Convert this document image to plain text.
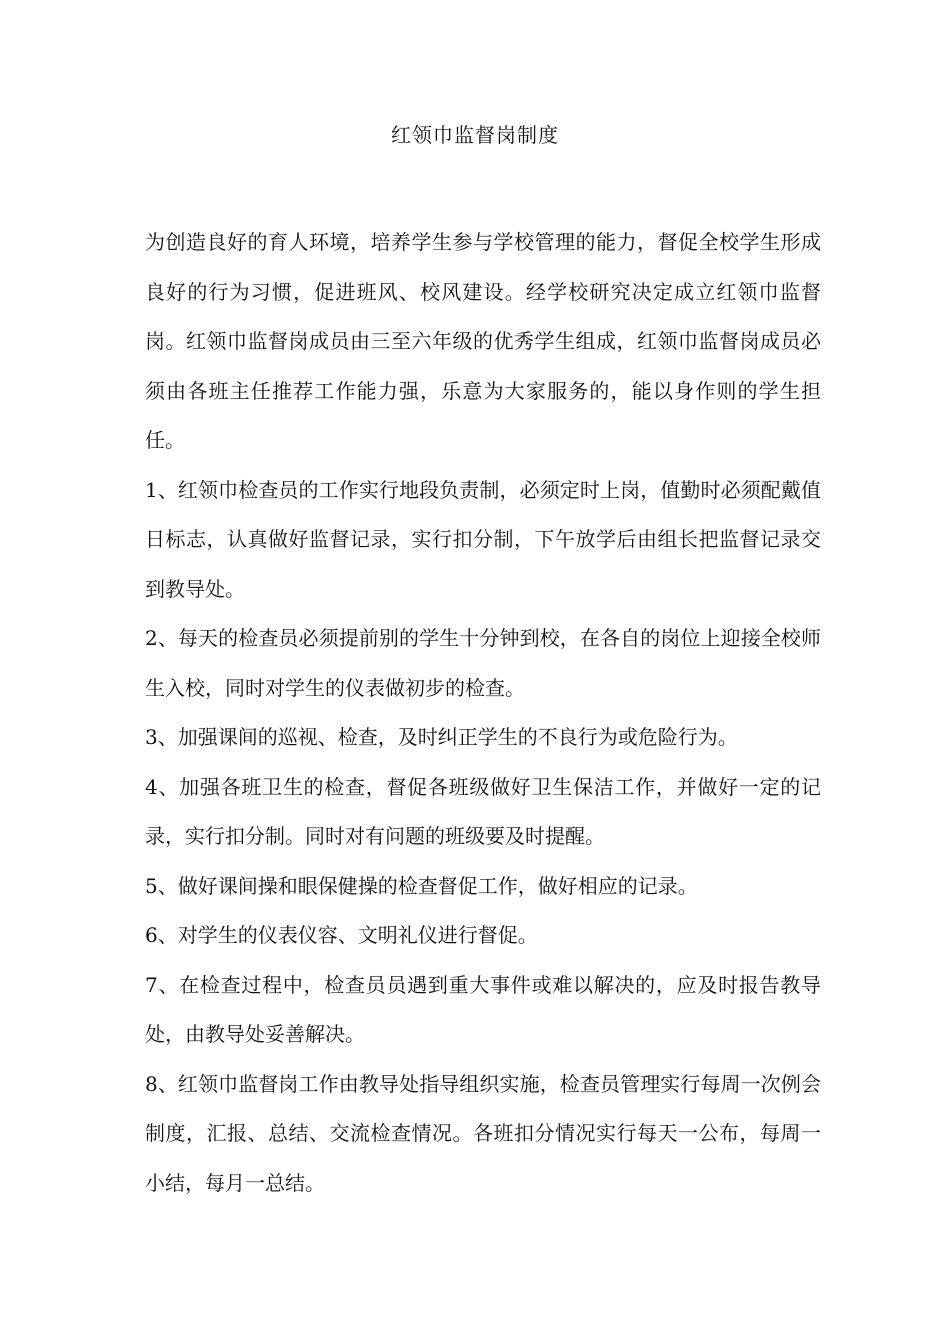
红领巾监督岗制度

为创造良好的育人环境，培养学生参与学校管理的能力，督促全校学生形成良好的行为习惯，促进班风、校风建设。经学校研究决定成立红领巾监督岗。红领巾监督岗成员由三至六年级的优秀学生组成，红领巾监督岗成员必须由各班主任推荐工作能力强，乐意为大家服务的，能以身作则的学生担任。

1、红领巾检查员的工作实行地段负责制，必须定时上岗，值勤时必须配戴值日标志，认真做好监督记录，实行扣分制，下午放学后由组长把监督记录交到教导处。

2、每天的检查员必须提前别的学生十分钟到校，在各自的岗位上迎接全校师生入校，同时对学生的仪表做初步的检查。

3、加强课间的巡视、检查，及时纠正学生的不良行为或危险行为。

4、加强各班卫生的检查，督促各班级做好卫生保洁工作，并做好一定的记录，实行扣分制。同时对有问题的班级要及时提醒。

5、做好课间操和眼保健操的检查督促工作，做好相应的记录。

6、对学生的仪表仪容、文明礼仪进行督促。

7、在检查过程中，检查员员遇到重大事件或难以解决的，应及时报告教导处，由教导处妥善解决。

8、红领巾监督岗工作由教导处指导组织实施，检查员管理实行每周一次例会制度，汇报、总结、交流检查情况。各班扣分情况实行每天一公布，每周一小结，每月一总结。
